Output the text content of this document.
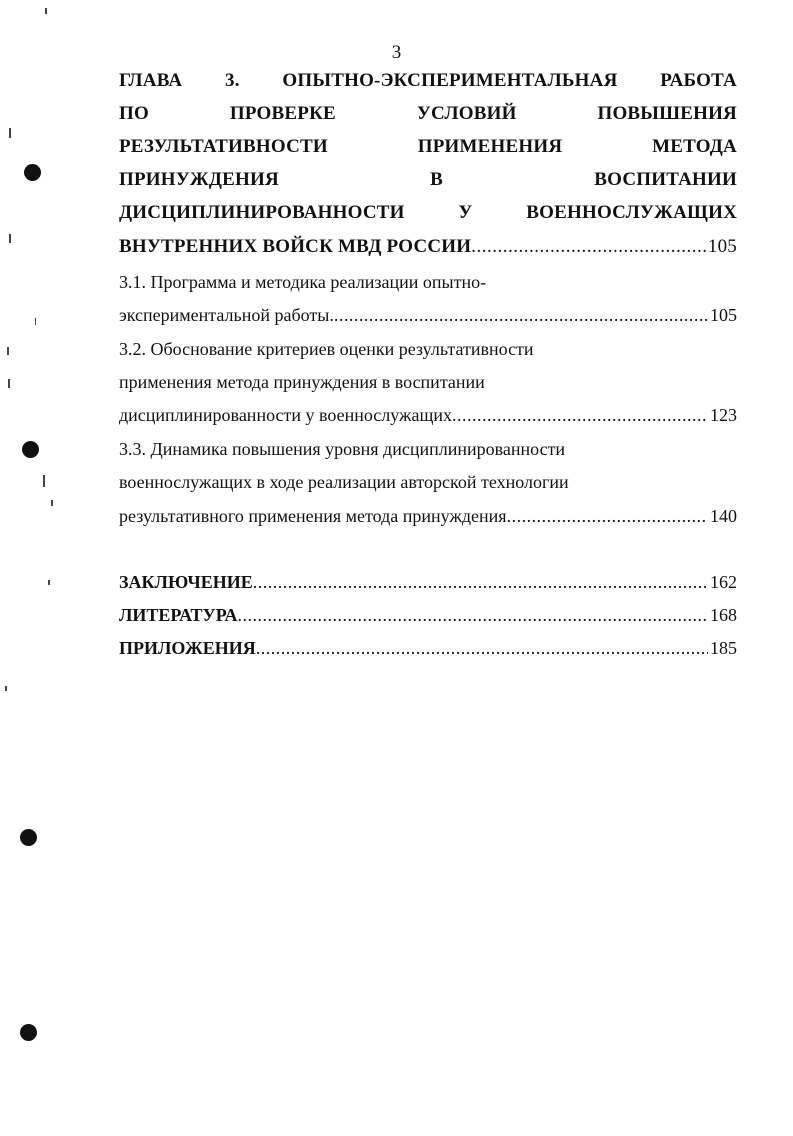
3
ГЛАВА 3. ОПЫТНО-ЭКСПЕРИМЕНТАЛЬНАЯ РАБОТА
ПО	ПРОВЕРКЕ	УСЛОВИЙ	ПОВЫШЕНИЯ
РЕЗУЛЬТАТИВНОСТИ	ПРИМЕНЕНИЯ	МЕТОДА
ПРИНУЖДЕНИЯ	В	ВОСПИТАНИИ
ДИСЦИПЛИНИРОВАННОСТИ	У	ВОЕННОСЛУЖАЩИХ
ВНУТРЕННИХ ВОЙСК МВД РОССИИ .....	105
3.1. Программа и методика реализации опытно-
экспериментальной работы. .....	105
3.2. Обоснование критериев оценки результативности
применения метода принуждения в воспитании
дисциплинированности у военнослужащих .....	123
3.3. Динамика повышения уровня дисциплинированности
военнослужащих в ходе реализации авторской технологии
результативного применения метода принуждения .....	140
ЗАКЛЮЧЕНИЕ .....	162
ЛИТЕРАТУРА .....	168
ПРИЛОЖЕНИЯ .....	185
